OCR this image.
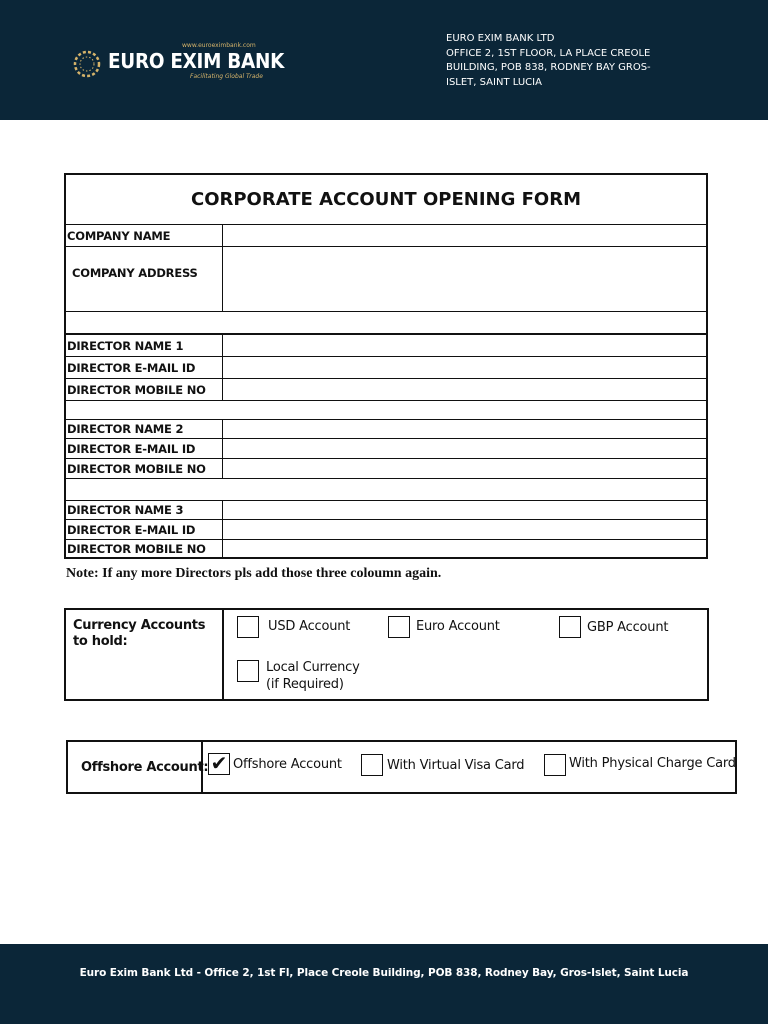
www.euroeximbank.com
EURO EXIM BANK
Facilitating Global Trade
EURO EXIM BANK LTD
OFFICE 2, 1ST FLOOR, LA PLACE CREOLE
BUILDING, POB 838, RODNEY BAY GROS-
ISLET, SAINT LUCIA
CORPORATE ACCOUNT OPENING FORM
COMPANY NAME
COMPANY ADDRESS
DIRECTOR NAME 1
DIRECTOR E-MAIL ID
DIRECTOR MOBILE NO
DIRECTOR NAME 2
DIRECTOR E-MAIL ID
DIRECTOR MOBILE NO
DIRECTOR NAME 3
DIRECTOR E-MAIL ID
DIRECTOR MOBILE NO
Note: If any more Directors pls add those three coloumn again.
Currency Accounts
to hold:
USD Account	Euro Account	GBP Account
Local Currency
(if Required)
Offshore Account: ✔ Offshore Account	With Virtual Visa Card	With Physical Charge Card
Euro Exim Bank Ltd - Office 2, 1st Fl, Place Creole Building, POB 838, Rodney Bay, Gros-Islet, Saint Lucia
